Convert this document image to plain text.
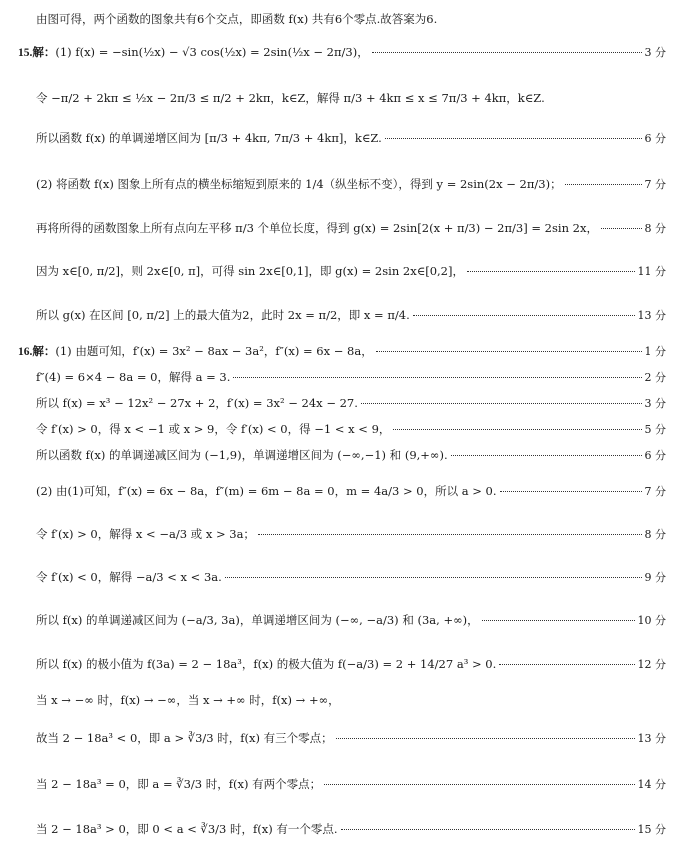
由图可得，两个函数的图象共有6个交点，即函数 f(x) 共有6个零点.故答案为6.
15. 解： (1) f(x) = −sin(½x) − √3 cos(½x) = 2sin(½x − 2π/3)，	3 分
令 −π/2 + 2kπ ≤ ½x − 2π/3 ≤ π/2 + 2kπ，k∈Z，解得 π/3 + 4kπ ≤ x ≤ 7π/3 + 4kπ，k∈Z.
所以函数 f(x) 的单调递增区间为 [π/3 + 4kπ, 7π/3 + 4kπ]，k∈Z.	6 分
(2) 将函数 f(x) 图象上所有点的横坐标缩短到原来的 1/4（纵坐标不变），得到 y = 2sin(2x − 2π/3)；	7 分
再将所得的函数图象上所有点向左平移 π/3 个单位长度，得到 g(x) = 2sin[2(x + π/3) − 2π/3] = 2sin 2x，	8 分
因为 x∈[0, π/2]，则 2x∈[0, π]，可得 sin 2x∈[0,1]，即 g(x) = 2sin 2x∈[0,2]，	11 分
所以 g(x) 在区间 [0, π/2] 上的最大值为2，此时 2x = π/2，即 x = π/4.	13 分
16. 解： (1) 由题可知，f′(x) = 3x² − 8ax − 3a²，f″(x) = 6x − 8a，	1 分
f″(4) = 6×4 − 8a = 0，解得 a = 3.	2 分
所以 f(x) = x³ − 12x² − 27x + 2，f′(x) = 3x² − 24x − 27.	3 分
令 f′(x) > 0，得 x < −1 或 x > 9，令 f′(x) < 0，得 −1 < x < 9，	5 分
所以函数 f(x) 的单调递减区间为 (−1,9)，单调递增区间为 (−∞,−1) 和 (9,+∞).	6 分
(2) 由(1)可知，f″(x) = 6x − 8a，f″(m) = 6m − 8a = 0，m = 4a/3 > 0，所以 a > 0.	7 分
令 f′(x) > 0，解得 x < −a/3 或 x > 3a；	8 分
令 f′(x) < 0，解得 −a/3 < x < 3a.	9 分
所以 f(x) 的单调递减区间为 (−a/3, 3a)，单调递增区间为 (−∞, −a/3) 和 (3a, +∞)，	10 分
所以 f(x) 的极小值为 f(3a) = 2 − 18a³，f(x) 的极大值为 f(−a/3) = 2 + 14/27 a³ > 0.	12 分
当 x → −∞ 时，f(x) → −∞，当 x → +∞ 时，f(x) → +∞，
故当 2 − 18a³ < 0，即 a > ∛3/3 时，f(x) 有三个零点；	13 分
当 2 − 18a³ = 0，即 a = ∛3/3 时，f(x) 有两个零点；	14 分
当 2 − 18a³ > 0，即 0 < a < ∛3/3 时，f(x) 有一个零点.	15 分
